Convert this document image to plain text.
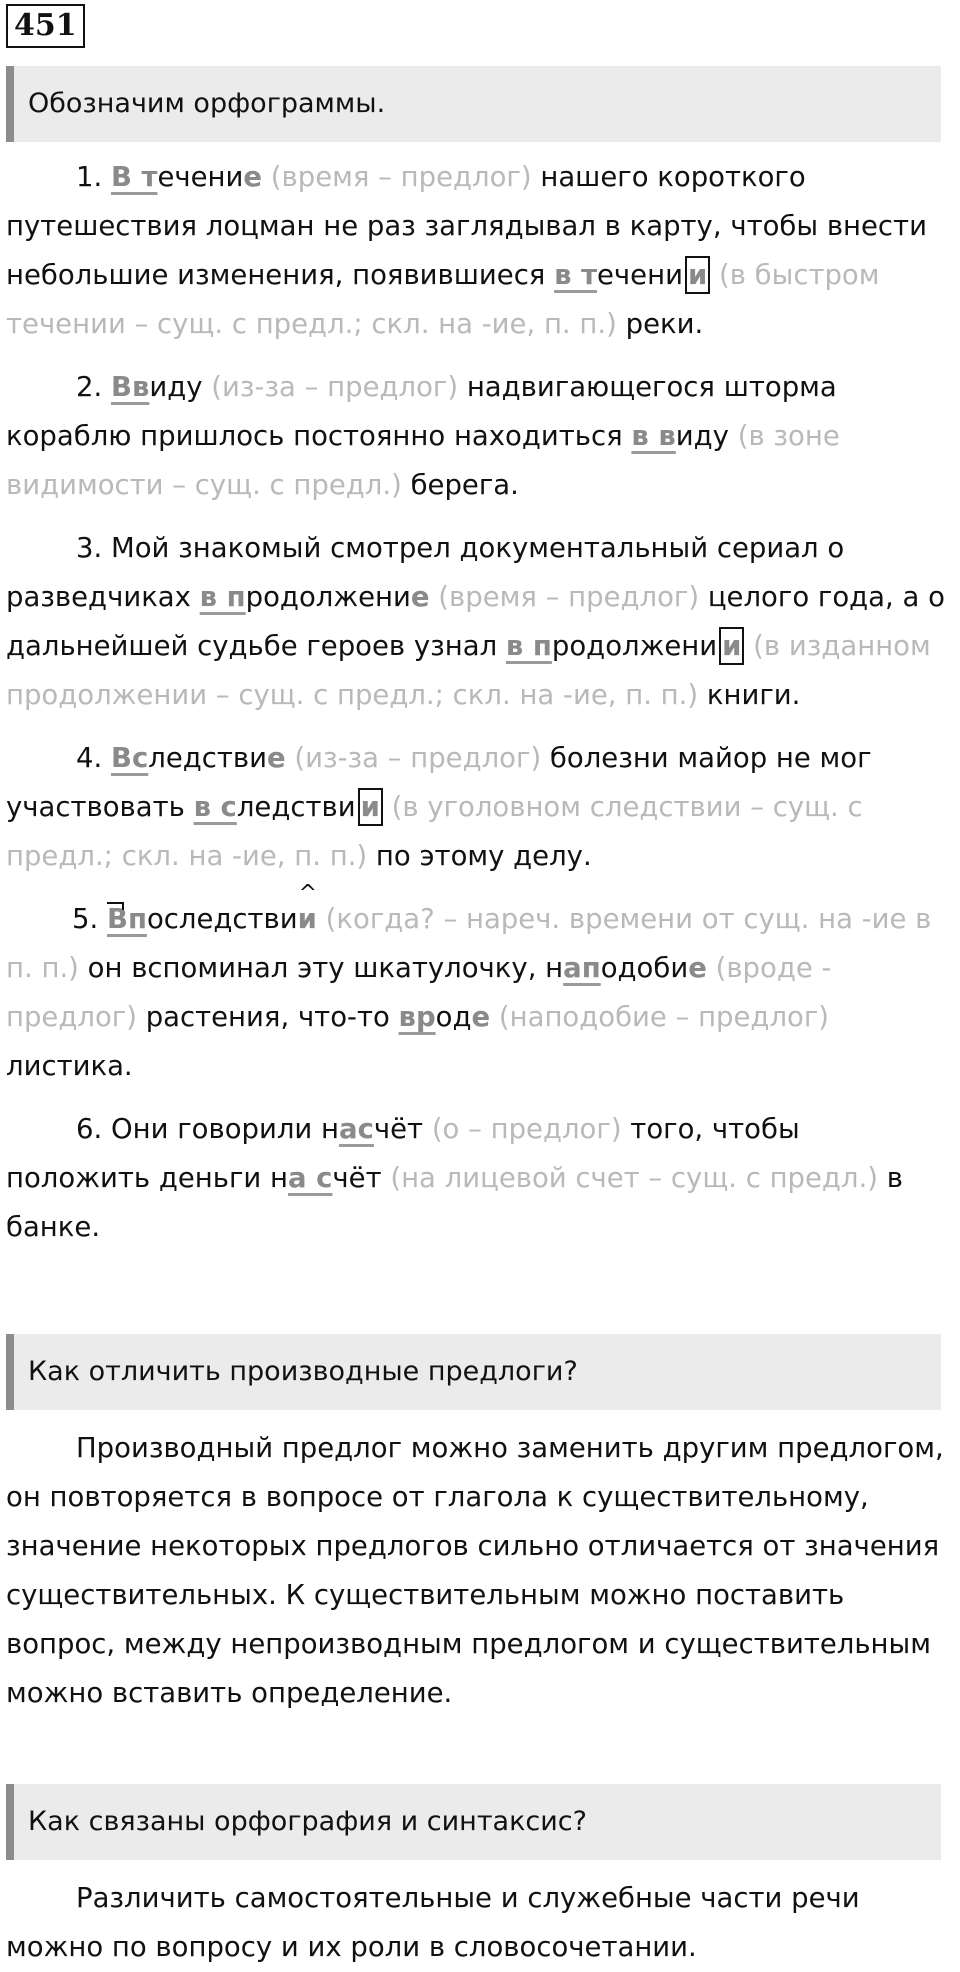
451
Обозначим орфограммы.

1. В течение (время – предлог) нашего короткого путешествия лоцман не раз заглядывал в карту, чтобы внести небольшие изменения, появившиеся в течени и (в быстром течении – сущ. с предл.; скл. на -ие, п. п.) реки.

2. Ввиду (из-за – предлог) надвигающегося шторма кораблю пришлось постоянно находиться в виду (в зоне видимости – сущ. с предл.) берега.

3. Мой знакомый смотрел документальный сериал о разведчиках в продолжение (время – предлог) целого года, а о дальнейшей судьбе героев узнал в продолжени и (в изданном продолжении – сущ. с предл.; скл. на -ие, п. п.) книги.

4. Вследствие (из-за – предлог) болезни майор не мог участвовать в следстви и (в уголовном следствии – сущ. с предл.; скл. на -ие, п. п.) по этому делу.

5.
Впоследстви
^
и (когда? – нареч. времени от сущ. на -ие в п. п.) он вспоминал эту шкатулочку, наподобие (вроде - предлог) растения, что-то вроде (наподобие – предлог) листика.

6. Они говорили насчёт (о – предлог) того, чтобы положить деньги на счёт (на лицевой счет – сущ. с предл.) в банке.

Как отличить производные предлоги?

Производный предлог можно заменить другим предлогом, он повторяется в вопросе от глагола к существительному, значение некоторых предлогов сильно отличается от значения существительных. К существительным можно поставить вопрос, между непроизводным предлогом и существительным можно вставить определение.

Как связаны орфография и синтаксис?

Различить самостоятельные и служебные части речи можно по вопросу и их роли в словосочетании.
